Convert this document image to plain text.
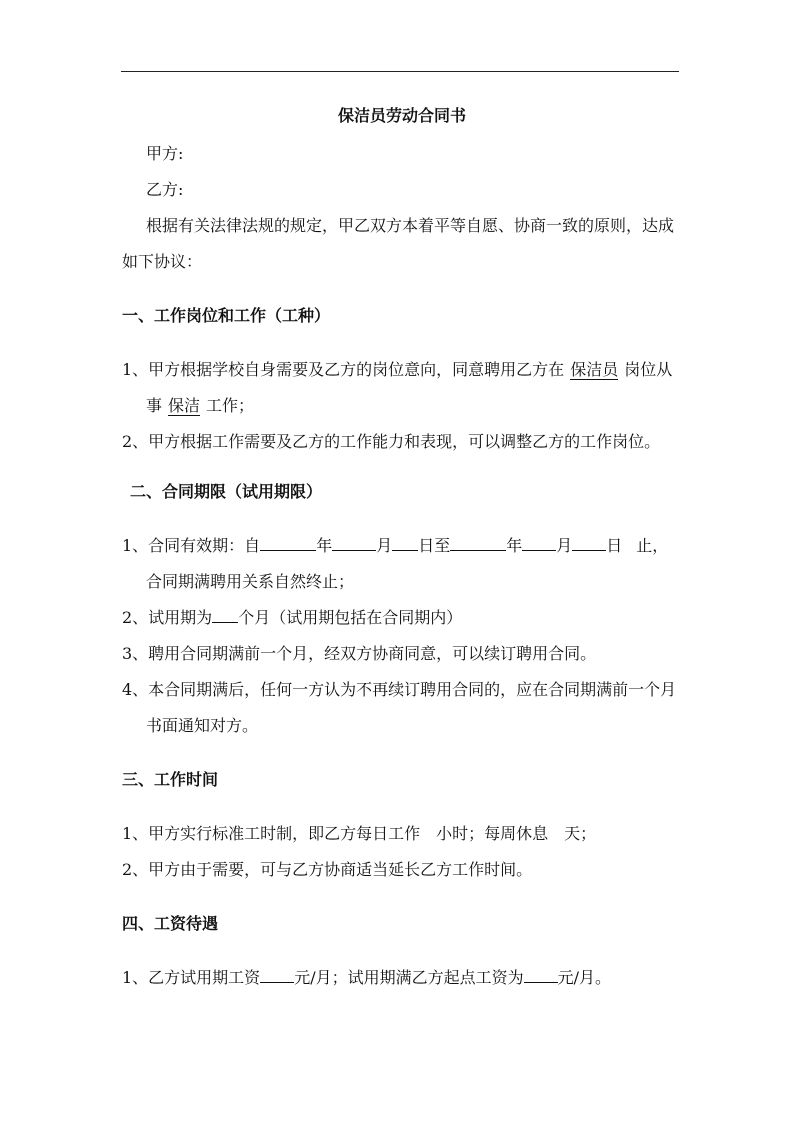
保洁员劳动合同书
甲方:
乙方:
根据有关法律法规的规定，甲乙双方本着平等自愿、协商一致的原则，达成
如下协议：
一、工作岗位和工作（工种）
1、甲方根据学校自身需要及乙方的岗位意向，同意聘用乙方在 保洁员 岗位从
事 保洁 工作；
2、甲方根据工作需要及乙方的工作能力和表现，可以调整乙方的工作岗位。
二、合同期限（试用期限）
1、合同有效期：自	年	月 日至	年 月 日 止，
合同期满聘用关系自然终止；
2、试用期为 个月（试用期包括在合同期内）
3、聘用合同期满前一个月，经双方协商同意，可以续订聘用合同。
4、本合同期满后，任何一方认为不再续订聘用合同的，应在合同期满前一个月
书面通知对方。
三、工作时间
1、甲方实行标准工时制，即乙方每日工作　小时；每周休息　天；
2、甲方由于需要，可与乙方协商适当延长乙方工作时间。
四、工资待遇
1、乙方试用期工资 元/月；试用期满乙方起点工资为 元/月。
